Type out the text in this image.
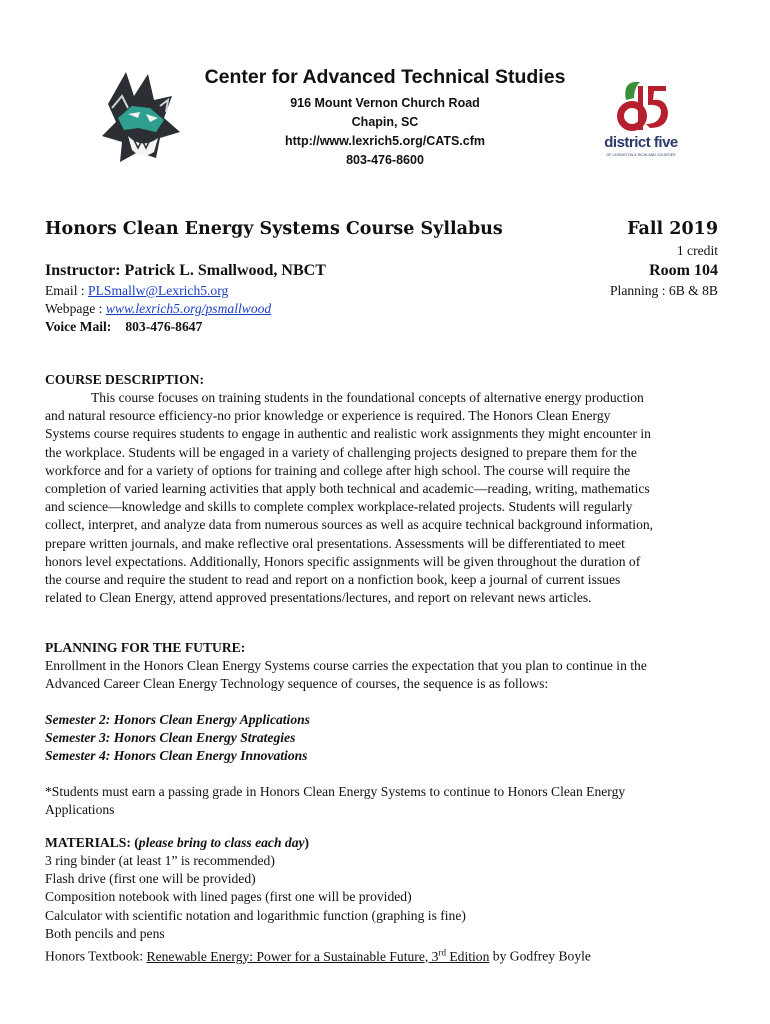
district five
OF LEXINGTON & RICHLAND COUNTIES
Center for Advanced Technical Studies
916 Mount Vernon Church Road
Chapin, SC
http://www.lexrich5.org/CATS.cfm
803-476-8600
Honors Clean Energy Systems Course Syllabus	Fall 2019
1 credit
Instructor: Patrick L. Smallwood, NBCT	Room 104
Email : PLSmallw@Lexrich5.org	Planning : 6B & 8B
Webpage : www.lexrich5.org/psmallwood
Voice Mail: 803-476-8647
COURSE DESCRIPTION:
This course focuses on training students in the foundational concepts of alternative energy production
and natural resource efficiency-no prior knowledge or experience is required. The Honors Clean Energy
Systems course requires students to engage in authentic and realistic work assignments they might encounter in
the workplace. Students will be engaged in a variety of challenging projects designed to prepare them for the
workforce and for a variety of options for training and college after high school. The course will require the
completion of varied learning activities that apply both technical and academic—reading, writing, mathematics
and science—knowledge and skills to complete complex workplace-related projects. Students will regularly
collect, interpret, and analyze data from numerous sources as well as acquire technical background information,
prepare written journals, and make reflective oral presentations. Assessments will be differentiated to meet
honors level expectations. Additionally, Honors specific assignments will be given throughout the duration of
the course and require the student to read and report on a nonfiction book, keep a journal of current issues
related to Clean Energy, attend approved presentations/lectures, and report on relevant news articles.
PLANNING FOR THE FUTURE:
Enrollment in the Honors Clean Energy Systems course carries the expectation that you plan to continue in the
Advanced Career Clean Energy Technology sequence of courses, the sequence is as follows:
Semester 2: Honors Clean Energy Applications
Semester 3: Honors Clean Energy Strategies
Semester 4: Honors Clean Energy Innovations
*Students must earn a passing grade in Honors Clean Energy Systems to continue to Honors Clean Energy
Applications
MATERIALS: (please bring to class each day)
3 ring binder (at least 1” is recommended)
Flash drive (first one will be provided)
Composition notebook with lined pages (first one will be provided)
Calculator with scientific notation and logarithmic function (graphing is fine)
Both pencils and pens
Honors Textbook: Renewable Energy: Power for a Sustainable Future, 3rd Edition by Godfrey Boyle
